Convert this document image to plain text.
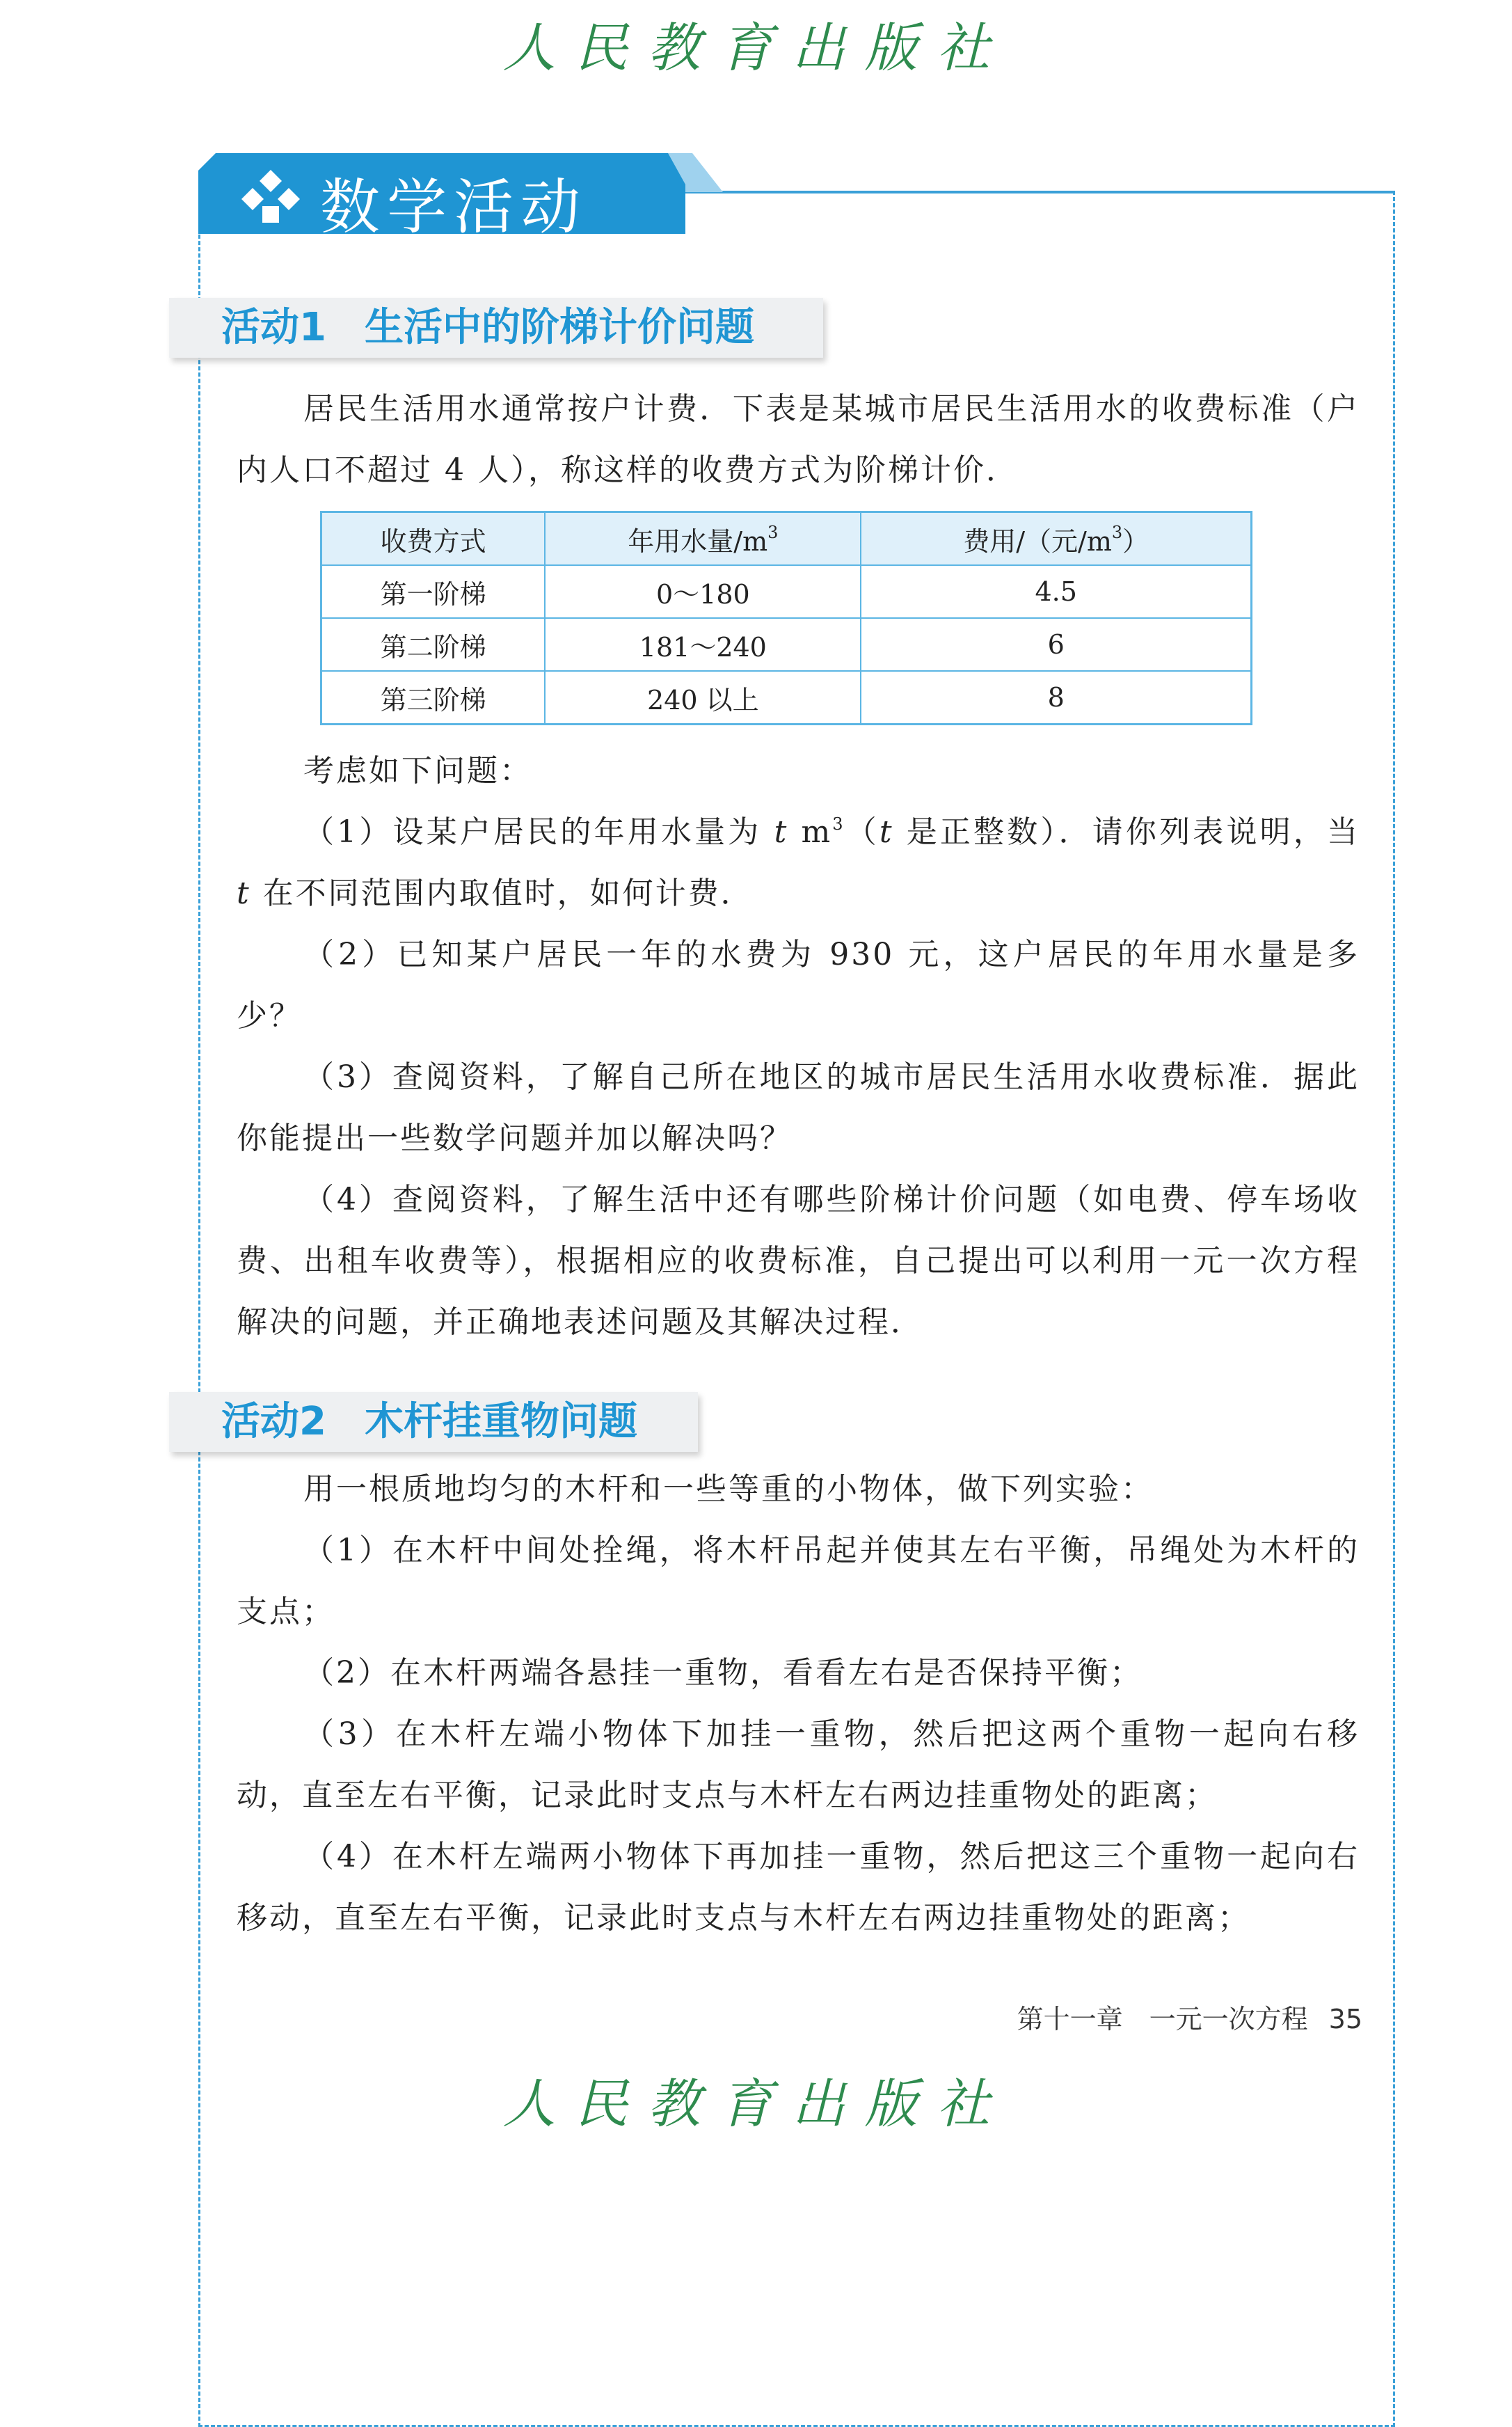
人民教育出版社
数学活动
活动1 生活中的阶梯计价问题
居民生活用水通常按户计费．下表是某城市居民生活用水的收费标准（户内人口不超过 4 人），称这样的收费方式为阶梯计价．
收费方式	年用水量$/m^3$	费用/（元$/m^3$）
第一阶梯	0～180	4.5
第二阶梯	181～240	6
第三阶梯	240 以上	8
考虑如下问题：
（1）设某户居民的年用水量为 t $m^3(t$ 是正整数）．请你列表说明，当 t 在不同范围内取值时，如何计费．
（2）已知某户居民一年的水费为 930 元，这户居民的年用水量是多少？
（3）查阅资料，了解自己所在地区的城市居民生活用水收费标准．据此你能提出一些数学问题并加以解决吗？
（4）查阅资料，了解生活中还有哪些阶梯计价问题（如电费、停车场收费、出租车收费等），根据相应的收费标准，自己提出可以利用一元一次方程解决的问题，并正确地表述问题及其解决过程．
活动2 木杆挂重物问题
用一根质地均匀的木杆和一些等重的小物体，做下列实验：
（1）在木杆中间处拴绳，将木杆吊起并使其左右平衡，吊绳处为木杆的支点；
（2）在木杆两端各悬挂一重物，看看左右是否保持平衡；
（3）在木杆左端小物体下加挂一重物，然后把这两个重物一起向右移动，直至左右平衡，记录此时支点与木杆左右两边挂重物处的距离；
（4）在木杆左端两小物体下再加挂一重物，然后把这三个重物一起向右移动，直至左右平衡，记录此时支点与木杆左右两边挂重物处的距离；
第十一章　一元一次方程 35
人民教育出版社
